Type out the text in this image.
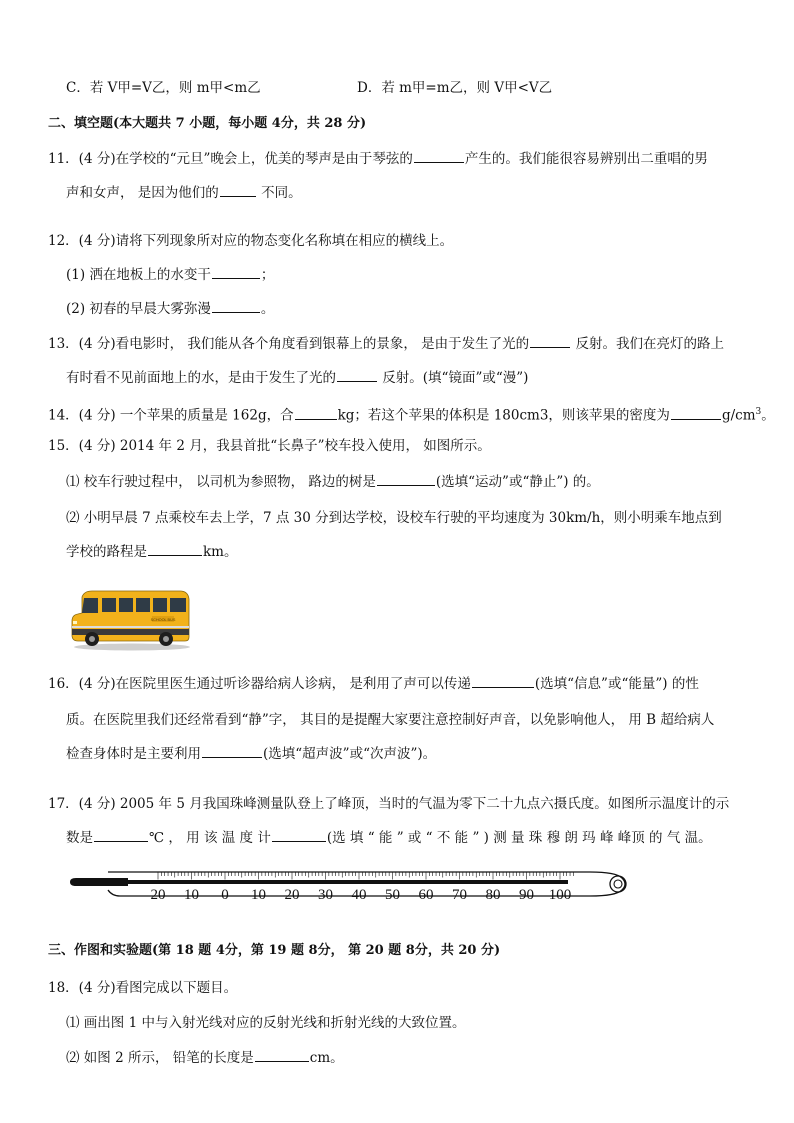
C．若 V甲=V乙，则 m甲<m乙	D．若 m甲=m乙，则 V甲<V乙
二、填空题(本大题共 7 小题，每小题 4分，共 28 分)
11．(4 分)在学校的“元旦”晚会上，优美的琴声是由于琴弦的	产生的。我们能很容易辨别出二重唱的男
声和女声， 是因为他们的	不同。
12．(4 分)请将下列现象所对应的物态变化名称填在相应的横线上。
(1) 洒在地板上的水变干	；
(2) 初春的早晨大雾弥漫	。
13．(4 分)看电影时， 我们能从各个角度看到银幕上的景象， 是由于发生了光的	反射。我们在亮灯的路上
有时看不见前面地上的水，是由于发生了光的	反射。(填“镜面”或“漫”)
14．(4 分) 一个苹果的质量是 162g，合	kg；若这个苹果的体积是 180cm3，则该苹果的密度为	$g/cm^3$。
15．(4 分) 2014 年 2 月，我县首批“长鼻子”校车投入使用， 如图所示。
⑴ 校车行驶过程中， 以司机为参照物， 路边的树是	(选填“运动”或“静止”) 的。
⑵ 小明早晨 7 点乘校车去上学，7 点 30 分到达学校，设校车行驶的平均速度为 30km/h，则小明乘车地点到
学校的路程是	km。
SCHOOL BUS
16．(4 分)在医院里医生通过听诊器给病人诊病， 是利用了声可以传递	(选填“信息”或“能量”) 的性
质。在医院里我们还经常看到“静”字， 其目的是提醒大家要注意控制好声音，以免影响他人， 用 B 超给病人
检查身体时是主要利用	(选填“超声波”或“次声波”)。
17．(4 分) 2005 年 5 月我国珠峰测量队登上了峰顶，当时的气温为零下二十九点六摄氏度。如图所示温度计的示
数是	℃ ， 用 该 温 度 计	(选 填 “ 能 ” 或 “ 不 能 ” ) 测 量 珠 穆 朗 玛 峰 峰顶 的 气 温。
20 10 0 10 20 30 40 50 60 70 80 90 100
三、作图和实验题(第 18 题 4分，第 19 题 8分， 第 20 题 8分，共 20 分)
18．(4 分)看图完成以下题目。
⑴ 画出图 1 中与入射光线对应的反射光线和折射光线的大致位置。
⑵ 如图 2 所示， 铅笔的长度是	cm。
